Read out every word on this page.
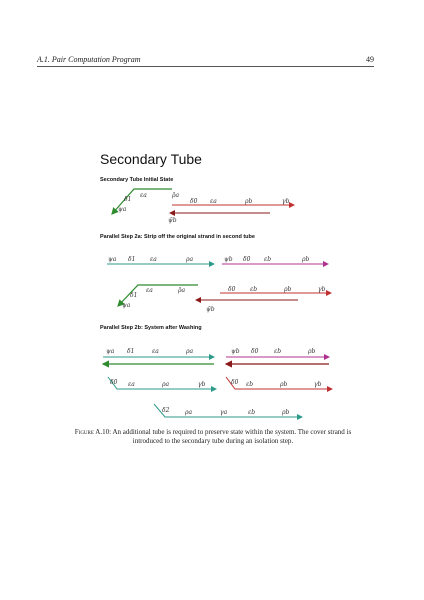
A.1. Pair Computation Program	49
Secondary Tube
Secondary Tube Initial State
Parallel Step 2a: Strip off the original strand in second tube
Parallel Step 2b: System after Washing
δ1
εa
ψa
ρ̄a
δ0 εa	ρb	γb
ψ̄b
ψa δ1 εa	ρa	ψb δ0 εb	ρb
δ1
εa
ψa
ρ̄a	δ0 εb	ρb	γb
ψ̄b
ψa δ1	εa	ρa	ψb δ0	εb	ρb
δ0 εa	ρa	γb	δ0 εb	ρb	γb
δ2	ρa	γa	εb	ρb
Figure A.10: An additional tube is required to preserve state within the system. The cover strand is introduced to the secondary tube during an isolation step.
